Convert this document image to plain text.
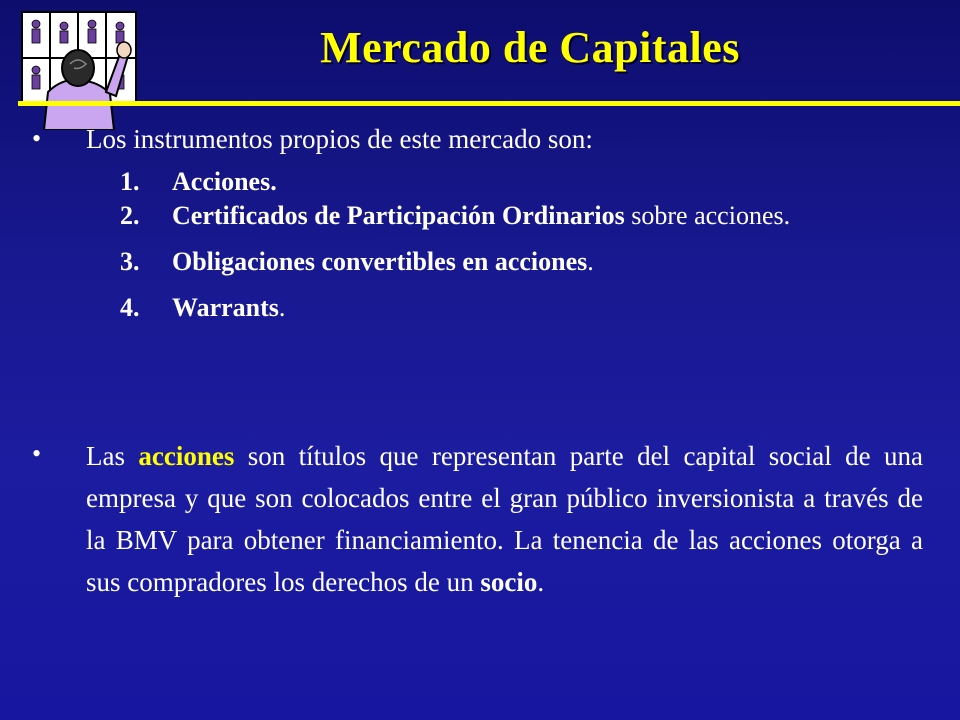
Mercado de Capitales
•	Los instrumentos propios de este mercado son:
1.	Acciones.
2.	Certificados de Participación Ordinarios sobre acciones.
3.	Obligaciones convertibles en acciones.
4.	Warrants.
•	Las acciones son títulos que representan parte del capital social de una empresa y que son colocados entre el gran público inversionista a través de la BMV para obtener financiamiento. La tenencia de las acciones otorga a sus compradores los derechos de un socio.
